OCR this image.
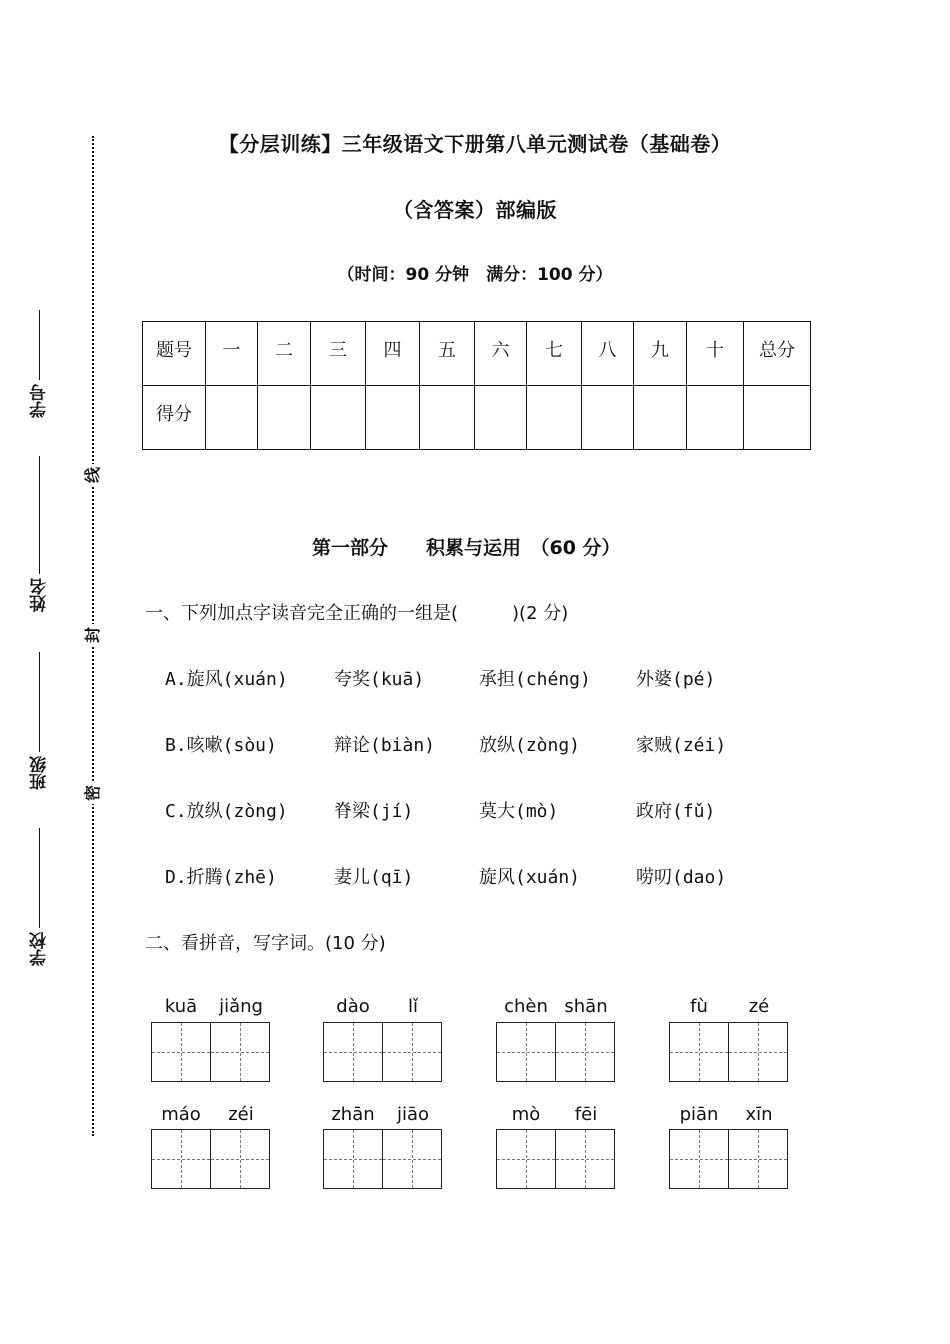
学号
姓名
班级
学校
线
封
密
【分层训练】三年级语文下册第八单元测试卷（基础卷）
（含答案）部编版
（时间：90 分钟　满分：100 分）
题号	一	二	三	四	五	六	七	八	九	十	总分
得分											
第一部分　　积累与运用　（60 分）
一、下列加点字读音完全正确的一组是(　　　)(2 分)
A.旋风(xuán)	夸奖(kuā)	承担(chéng)	外婆(pé)
B.咳嗽(sòu)	辩论(biàn) 放纵(zòng)	家贼(zéi)
C.放纵(zòng)	脊梁(jí)	莫大(mò)	政府(fǔ)
D.折腾(zhē)	妻儿(qī)	旋风(xuán)	唠叨(dao)
二、看拼音，写字词。(10 分)
kuā	jiǎng	dào	lǐ	chèn shān	fù	zé
máo	zéi	zhān	jiāo	mò	fēi	piān	xīn
